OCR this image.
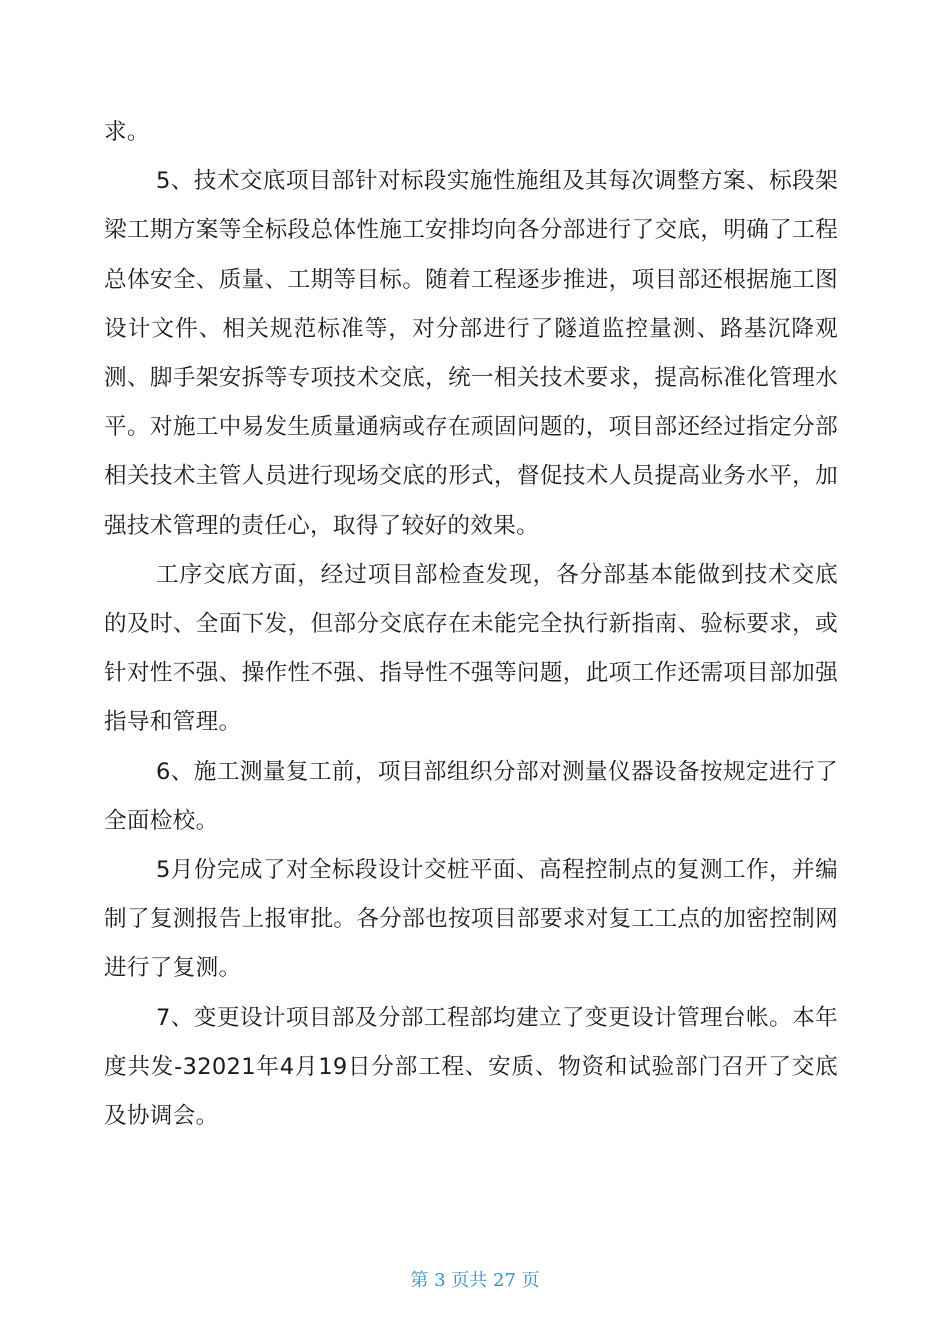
求。

5、技术交底项目部针对标段实施性施组及其每次调整方案、标段架梁工期方案等全标段总体性施工安排均向各分部进行了交底，明确了工程总体安全、质量、工期等目标。随着工程逐步推进，项目部还根据施工图设计文件、相关规范标准等，对分部进行了隧道监控量测、路基沉降观测、脚手架安拆等专项技术交底，统一相关技术要求，提高标准化管理水平。对施工中易发生质量通病或存在顽固问题的，项目部还经过指定分部相关技术主管人员进行现场交底的形式，督促技术人员提高业务水平，加强技术管理的责任心，取得了较好的效果。

工序交底方面，经过项目部检查发现，各分部基本能做到技术交底的及时、全面下发，但部分交底存在未能完全执行新指南、验标要求，或针对性不强、操作性不强、指导性不强等问题，此项工作还需项目部加强指导和管理。

6、施工测量复工前，项目部组织分部对测量仪器设备按规定进行了全面检校。

5月份完成了对全标段设计交桩平面、高程控制点的复测工作，并编制了复测报告上报审批。各分部也按项目部要求对复工工点的加密控制网进行了复测。

7、变更设计项目部及分部工程部均建立了变更设计管理台帐。本年度共发-32021年4月19日分部工程、安质、物资和试验部门召开了交底及协调会。

第 3 页共 27 页
